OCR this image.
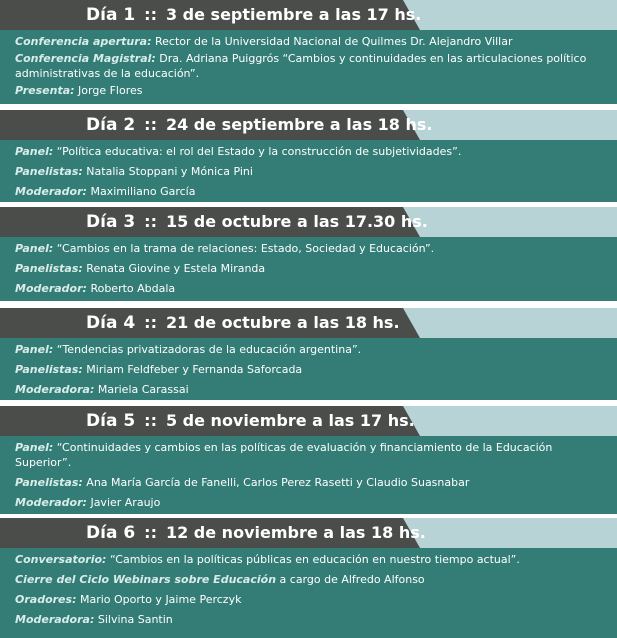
Día 1 :: 3 de septiembre a las 17 hs.
Conferencia apertura: Rector de la Universidad Nacional de Quilmes Dr. Alejandro Villar
Conferencia Magistral: Dra. Adriana Puiggrós “Cambios y continuidades en las articulaciones político administrativas de la educación”.
Presenta: Jorge Flores
Día 2 :: 24 de septiembre a las 18 hs.
Panel: “Política educativa: el rol del Estado y la construcción de subjetividades”.
Panelistas: Natalia Stoppani y Mónica Pini
Moderador: Maximiliano García
Día 3 :: 15 de octubre a las 17.30 hs.
Panel: “Cambios en la trama de relaciones: Estado, Sociedad y Educación”.
Panelistas: Renata Giovine y Estela Miranda
Moderador: Roberto Abdala
Día 4 :: 21 de octubre a las 18 hs.
Panel: “Tendencias privatizadoras de la educación argentina”.
Panelistas: Miriam Feldfeber y Fernanda Saforcada
Moderadora: Mariela Carassai
Día 5 :: 5 de noviembre a las 17 hs.
Panel: “Continuidades y cambios en las políticas de evaluación y financiamiento de la Educación Superior”.
Panelistas: Ana María García de Fanelli, Carlos Perez Rasetti y Claudio Suasnabar
Moderador: Javier Araujo
Día 6 :: 12 de noviembre a las 18 hs.
Conversatorio: “Cambios en la políticas públicas en educación en nuestro tiempo actual”.
Cierre del Ciclo Webinars sobre Educación a cargo de Alfredo Alfonso
Oradores: Mario Oporto y Jaime Perczyk
Moderadora: Silvina Santin
